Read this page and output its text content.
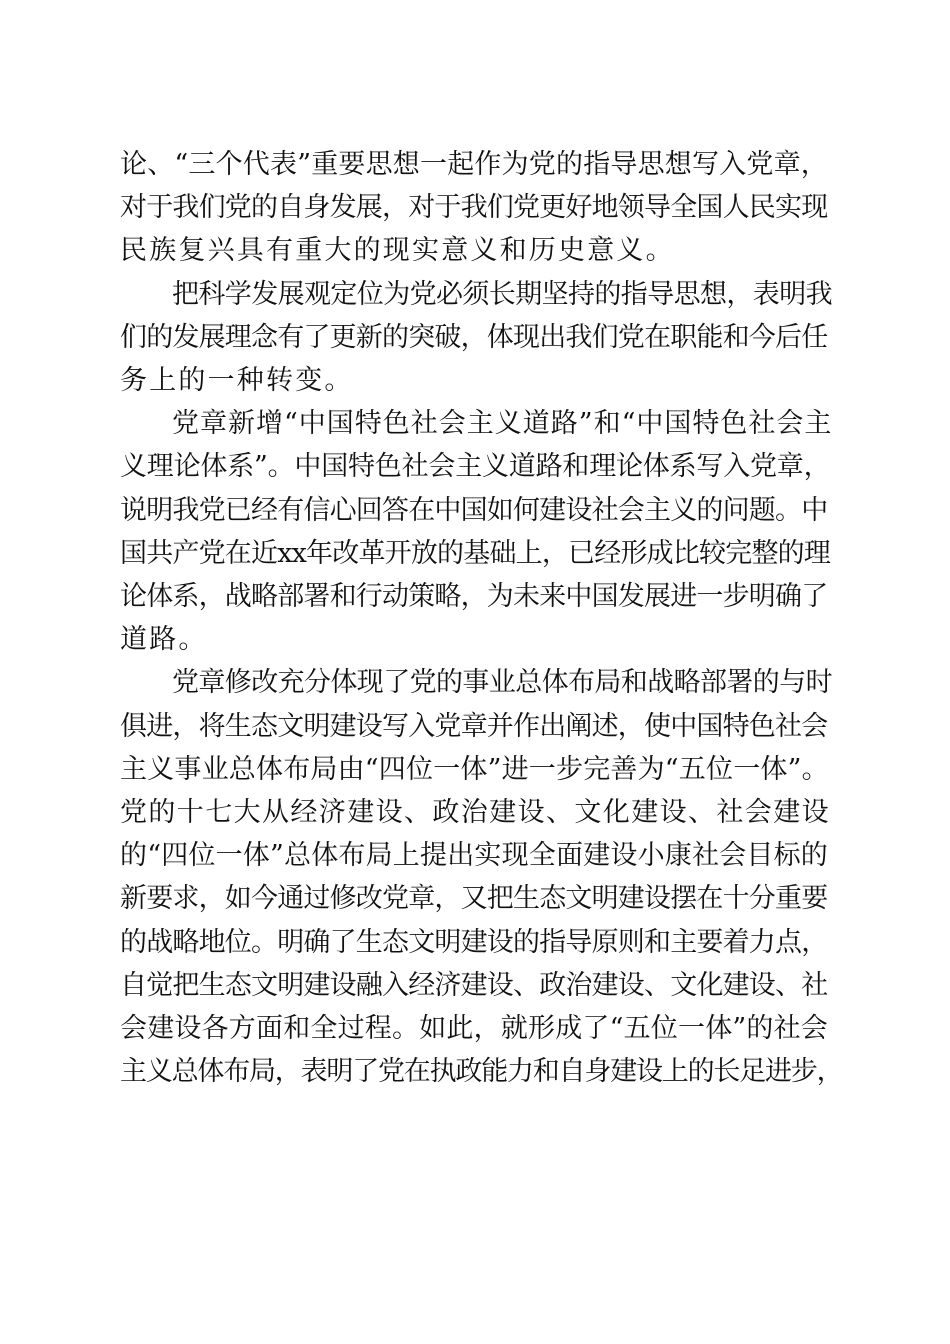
论、“三个代表”重要思想一起作为党的指导思想写入党章，
对于我们党的自身发展，对于我们党更好地领导全国人民实现
民族复兴具有重大的现实意义和历史意义。

把科学发展观定位为党必须长期坚持的指导思想，表明我
们的发展理念有了更新的突破，体现出我们党在职能和今后任
务上的一种转变。

党章新增“中国特色社会主义道路”和“中国特色社会主
义理论体系”。中国特色社会主义道路和理论体系写入党章，
说明我党已经有信心回答在中国如何建设社会主义的问题。中
国共产党在近xx年改革开放的基础上，已经形成比较完整的理
论体系，战略部署和行动策略，为未来中国发展进一步明确了
道路。

党章修改充分体现了党的事业总体布局和战略部署的与时
俱进，将生态文明建设写入党章并作出阐述，使中国特色社会
主义事业总体布局由“四位一体”进一步完善为“五位一体”。
党的十七大从经济建设、政治建设、文化建设、社会建设
的“四位一体”总体布局上提出实现全面建设小康社会目标的
新要求，如今通过修改党章，又把生态文明建设摆在十分重要
的战略地位。明确了生态文明建设的指导原则和主要着力点，
自觉把生态文明建设融入经济建设、政治建设、文化建设、社
会建设各方面和全过程。如此，就形成了“五位一体”的社会
主义总体布局，表明了党在执政能力和自身建设上的长足进步，
